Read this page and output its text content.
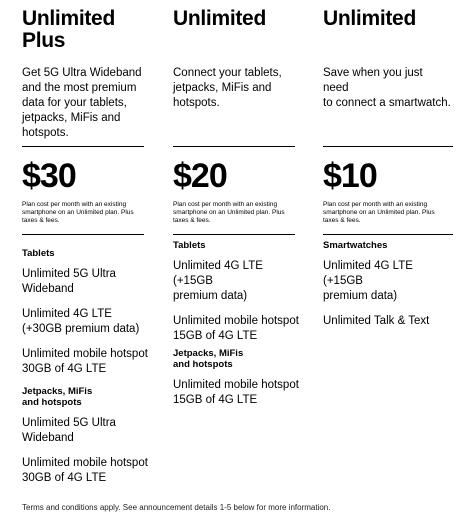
Unlimited
Plus

Get 5G Ultra Wideband
and the most premium
data for your tablets,
jetpacks, MiFis and
hotspots.

$30
Plan cost per month with an existing
smartphone on an Unlimited plan. Plus
taxes & fees.

Tablets

Unlimited 5G Ultra
Wideband

Unlimited 4G LTE
(+30GB premium data)

Unlimited mobile hotspot
30GB of 4G LTE

Jetpacks, MiFis
and hotspots

Unlimited 5G Ultra
Wideband

Unlimited mobile hotspot
30GB of 4G LTE

Unlimited

Connect your tablets,
jetpacks, MiFis and
hotspots.

$20
Plan cost per month with an existing
smartphone on an Unlimited plan. Plus
taxes & fees.

Tablets

Unlimited 4G LTE (+15GB
premium data)

Unlimited mobile hotspot
15GB of 4G LTE

Jetpacks, MiFis
and hotspots

Unlimited mobile hotspot
15GB of 4G LTE

Unlimited

Save when you just need
to connect a smartwatch.

$10
Plan cost per month with an existing
smartphone on an Unlimited plan. Plus
taxes & fees.

Smartwatches

Unlimited 4G LTE (+15GB
premium data)

Unlimited Talk & Text

Terms and conditions apply. See announcement details 1-5 below for more information.
